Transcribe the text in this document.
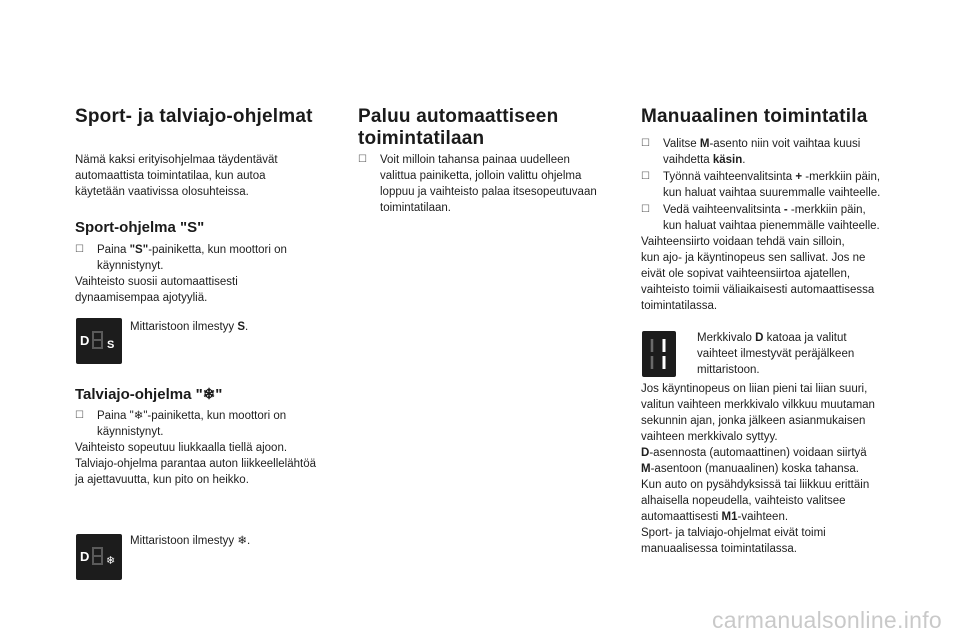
Sport- ja talviajo-ohjelmat

Nämä kaksi erityisohjelmaa täydentävät
automaattista toimintatilaa, kun autoa
käytetään vaativissa olosuhteissa.

Sport-ohjelma "S"
☐ Paina "S"-painiketta, kun moottori on
käynnistynyt.

Vaihteisto suosii automaattisesti
dynaamisempaa ajotyyliä.

D S
Mittaristoon ilmestyy S.
Talviajo-ohjelma "❄"
☐ Paina "❄"-painiketta, kun moottori on
käynnistynyt.

Vaihteisto sopeutuu liukkaalla tiellä ajoon.
Talviajo-ohjelma parantaa auton liikkeellelähtöä
ja ajettavuutta, kun pito on heikko.

D ❄
Mittaristoon ilmestyy ❄.
Paluu automaattiseen
toimintatilaan
☐ Voit milloin tahansa painaa uudelleen
valittua painiketta, jolloin valittu ohjelma
loppuu ja vaihteisto palaa itsesopeutuvaan
toimintatilaan.
Manuaalinen toimintatila
☐ Valitse M-asento niin voit vaihtaa kuusi
vaihdetta käsin.
☐ Työnnä vaihteenvalitsinta + -merkkiin päin,
kun haluat vaihtaa suuremmalle vaihteelle.
☐ Vedä vaihteenvalitsinta - -merkkiin päin,
kun haluat vaihtaa pienemmälle vaihteelle.

Vaihteensiirto voidaan tehdä vain silloin,
kun ajo- ja käyntinopeus sen sallivat. Jos ne
eivät ole sopivat vaihteensiirtoa ajatellen,
vaihteisto toimii väliaikaisesti automaattisessa
toimintatilassa.

Merkkivalo D katoaa ja valitut
vaihteet ilmestyvät peräjälkeen
mittaristoon.

Jos käyntinopeus on liian pieni tai liian suuri,
valitun vaihteen merkkivalo vilkkuu muutaman
sekunnin ajan, jonka jälkeen asianmukaisen
vaihteen merkkivalo syttyy.

D-asennosta (automaattinen) voidaan siirtyä
M-asentoon (manuaalinen) koska tahansa.

Kun auto on pysähdyksissä tai liikkuu erittäin
alhaisella nopeudella, vaihteisto valitsee
automaattisesti M1-vaihteen.

Sport- ja talviajo-ohjelmat eivät toimi
manuaalisessa toimintatilassa.

carmanualsonline.info
